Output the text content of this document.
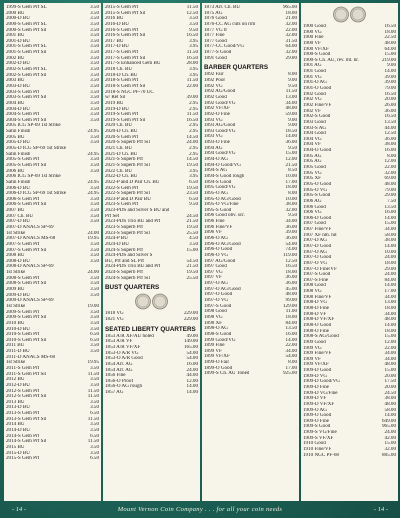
1999-S Gem Prf SL	3.50
2000 BU	3.50
2000-D BU	3.50
2000-S Gem Prf SL	3.50
2000-S Gem Prf Sil	3.50
2001 BU	3.50
2001-D BU	3.50
2001-S Gem Prf SL	3.50
2001-S Gem Prf Sil	3.50
2002 BU	3.50
2002-D BU	3.50
2002-S Gem Prf SL	3.50
2002-S Gem Prf Sil	3.50
2003 BU	3.50
2003-D BU	3.50
2003-S Gem Prf	3.50
2003-S Gem Prf Sil	3.50
2004 BU	3.50
2004-D BU	3.50
2004-S Gem Prf	3.50
2004-S Gem Prf Sil	3.50
2005 ICG SP-69 1st Strike
Satin Finish	24.95
2005 BU	3.50
2005-D BU	3.50
2005-D ICG SP-69 1st Strike
Satin Finish	24.95
2005-S Gem Prf	3.50
2005-S Gem Prf Sil	3.50
2006 BU	3.50
2006 ICG SP-69 1st Strike
Satin Finish	24.95
2006-D BU	3.50
2006-D ICG SP-69 1st Strike	24.95
2006-S Gem Prf	3.50
2006-S Gem Prf Sil	3.50
2007 BU	3.50
2007 Ch. BU	3.50
2007-D BU	3.50
2007-D ANACS SP-69
1st Strike	24.00
2007-D ANACS MS-68	19.95
2007-S Gem Prf	3.50
2007-S Gem Prf Sil	3.50
2008 BU	3.50
2008-D BU	3.50
2008-D ANACS SP-69
1st Strike	24.00
2008-S Gem Prf	3.50
2008-S Gem Prf Sil	3.50
2009 BU	3.50
2009-D BU	3.50
2009-D ANACS SP-69
1st Strike	19.00
2009-S Gem Prf	3.50
2009-S Gem Prf Sil	3.50
2010 BU	3.50
2010-D BU	3.50
2010-S Gem Prf	6.50
2010-S Gem Prf Sil	6.50
2011 BU	3.50
2011-D BU	3.50
2011-D ANACS MS-68
1st Strike	19.95
2011-S Gem Prf	3.50
2011-S Gem Prf Sil	11.50
2012 BU	3.50
2012-D BU	3.50
2012-S Gem Prf	11.50
2012-S Gem Prf Sil	11.50
2013 BU	3.50
2013-D BU	3.50
2013-S Gem Prf	6.50
2013-S Gem Prf Sil	11.50
2014 BU	3.50
2014-D BU	3.50
2014-S Gem Prf	6.50
2014-S Gem Prf Sil	11.50
2015 BU	3.50
2015-D BU	3.50
2015-S Gem Prf	6.50
2015-S Gem Prf	11.50
2015-S Gem Prf Sil	12.50
2016 BU	3.50
2016-D BU	3.50
2016-S Gem Prf	9.50
2016-S Gem Prf Sil	16.50
2017 BU	3.95
2017-D BU	3.95
2017-S Gem Prf	11.50
2017-S Gem Prf Sil	16.50
2017-S Enhanced Gem BU	28.00
2018 Ch. BU	3.95
2018-D Ch. BU	3.95
2018-S Gem Prf	11.50
2018-S Gem Prf Sil	22.00
2018-S NGC PF-70 UC
w/ Ret Sil	39.00
2019 BU	2.95
2019-D BU	2.95
2019-S Gem Prf	11.50
2019-S Gem Prf Sil	16.50
2020 Ch. BU	2.95
2020-D Ch. BU	2.95
2020-S Gem Prf	14.50
2020-S Superb Prf Sil	24.00
2021 Ch. BU	2.95
2021-D Ch. BU	2.95
2021-S Superb Prf	14.50
2021-S Superb Prf Sil	19.50
2022 Ch. BU	3.95
2022-D Ch. BU	3.95
2022-P and D Pair Ch. BU	6.50
2022-S Gem Prf	19.50
2022-S Superb Prf Sil	23.50
2023-P and D Pair BU	6.50
2023-S Gem Prf	9.50
2023-PDS and Silver S BU and
Prf Set	24.50
2023-PDS Trio BU and Prf	21.50
2023-S Superb Prf	19.50
2023-S Superb Prf Sil	25.50
2024-P BU	4.50
2024-D BU	3.50
2024-S Superb Prf	15.00
2024-PDS and Silver S
BU, Prf and SL Prf	54.50
2024-PDS Trio BU and Prf	21.50
2024-S Superb Prf	19.50
2024-S Superb Prf Sil	25.50
BUST QUARTERS
1818 VG	229.00
1821 VG	229.00
SEATED LIBERTY QUARTERS
1853 A/R XF/AU holed	49.00
1853 A/R VF	149.00
1853 A/R VF/XF	165.00
1853-O A/R VG	54.00
1853-O A/R Good	54.00
1854 Arr. AG	16.00
1854 Arr. AG	24.00
1856 Fine	44.00
1856-O Proof	12.00
1856-O AG rough	14.00
1857 AG	14.00
1873 Arr. Ch. BU	965.00
1875 AG	18.00
1876 Good	21.00
1876-CC AG cuts on rim	32.00
1877 VG tr	22.00
1877 Fine	32.00
1877 Good	31.50
1877-CC Good/VG	64.00
1877-S Good	32.00
1891 Good	29.00
BARBER QUARTERS
1892 Fair	8.00
1892 Poor	9.00
1892 VG	9.50
1892 AG/Good	11.50
1892 Good	13.00
1892 Good/VG	34.00
1892 VF/XF	48.00
1892-O Fine	59.00
1893 VG	9.00
1893 AG/Good	9.00
1893 Good/VG	18.50
1893 VG	14.00
1893-O Fine	36.00
1894 AG	9.50
1894 Good/VG	15.00
1894-O AG	12.00
1894-O Good/VG	21.50
1894-S AG	8.50
1894-S Good rough	10.00
1894-S Good	17.00
1895 Good/VG	18.00
1895-O AG	8.00
1895-O AG/Good	10.00
1895-O VG/Fine	38.00
1895-S Good	32.00
1896 Good obv. scr.	9.50
1896 Fine	34.00
1896 Fine/VF	36.00
1896 VF	39.00
1896-O AG	36.00
1896-O AG/Good	54.00
1896-O Good	74.00
1896-O VG	119.00
1897 AG/Good	12.50
1897 Good	16.50
1897 VG	18.00
1897 VF	36.00
1897-O AG	36.00
1897-O AG/Good	45.00
1897-O Good	48.00
1897-O VG	99.00
1897-S Good	129.00
1898 Good	11.00
1898 VG	18.00
1898 XF	84.00
1898-O AG	13.50
1898-S Good	16.00
1899 Good/VG	14.00
1899 Fine	22.00
1899 VF	34.00
1899 VF/XF	54.00
1899-O Fair	8.00
1899-O Good	17.00
1899-S Ch. AU Toned	925.00
1900 Good	16.50
1900 VG	18.00
1900 Fine	22.50
1900 VF	48.00
1900 VF/XF	64.00
1900-S Good	15.00
1900-S Ch. AU, rev. mt. hr.	219.00
1901 AG	9.00
1901 Good	14.00
1901 VG	39.00
1901-O AG	39.00
1901-O Good	79.00
1902 Good	16.50
1902 VG	20.00
1902 Fine/VF	26.00
1902 VF	36.00
1902-S Good	16.50
1903 Good	13.50
1903-S AG	44.00
1904 Good	12.50
1904 VG	36.00
1904 VF	38.00
1904-O Good	16.00
1905 AG	8.00
1905 AG	12.00
1905 Good	22.00
1905 VG	32.00
1905 XF	69.00
1905-O Good	48.00
1905-O VG	79.00
1905-S Good	29.00
1906 AG	7.50
1906 Good	13.50
1906 VG	16.00
1906-D Good	14.00
1907 Good	15.00
1907 Fine/VF	34.00
1907 XF nm. hit	58.00
1907-D AG	38.00
1907-D Good	14.00
1907-O AG	10.00
1907-O Good	24.00
1907-O VG	18.00
1907-O Fine/VF	29.00
1907-S Good	24.00
1907-S Fine	84.00
1908 Good	14.00
1908 VG	17.00
1908 Fine/VF	34.00
1908-D VG	13.00
1908-D Fine	18.00
1908-D VF	34.00
1908-D VF/XF	48.00
1908-O Good	14.00
1908-O Fine	18.00
1908-S AG/Good	15.00
1909 Good	12.00
1909 VG	22.00
1909 Fine/VF	34.00
1909 VF	34.00
1909 VF/XF	48.00
1909-D Good	15.00
1909-D VG	20.00
1909-D Good/VG	17.50
1909-D Fine	20.00
1909-D VG/Fine	24.50
1909-D VF	38.00
1909-D VF/XF	48.00
1909-O AG	58.00
1909-O Good	14.00
1909-O Fine	649.00
1909-S Good	965.00
1909-S VG/Fine	24.00
1909-S VF/XF	42.00
1910 Good	15.00
1910 Fine/VF	32.00
1910 NGC PF-68	885.00
- 14 -	Mount Vernon Coin Company . . . for all your coin needs	- 14 -
